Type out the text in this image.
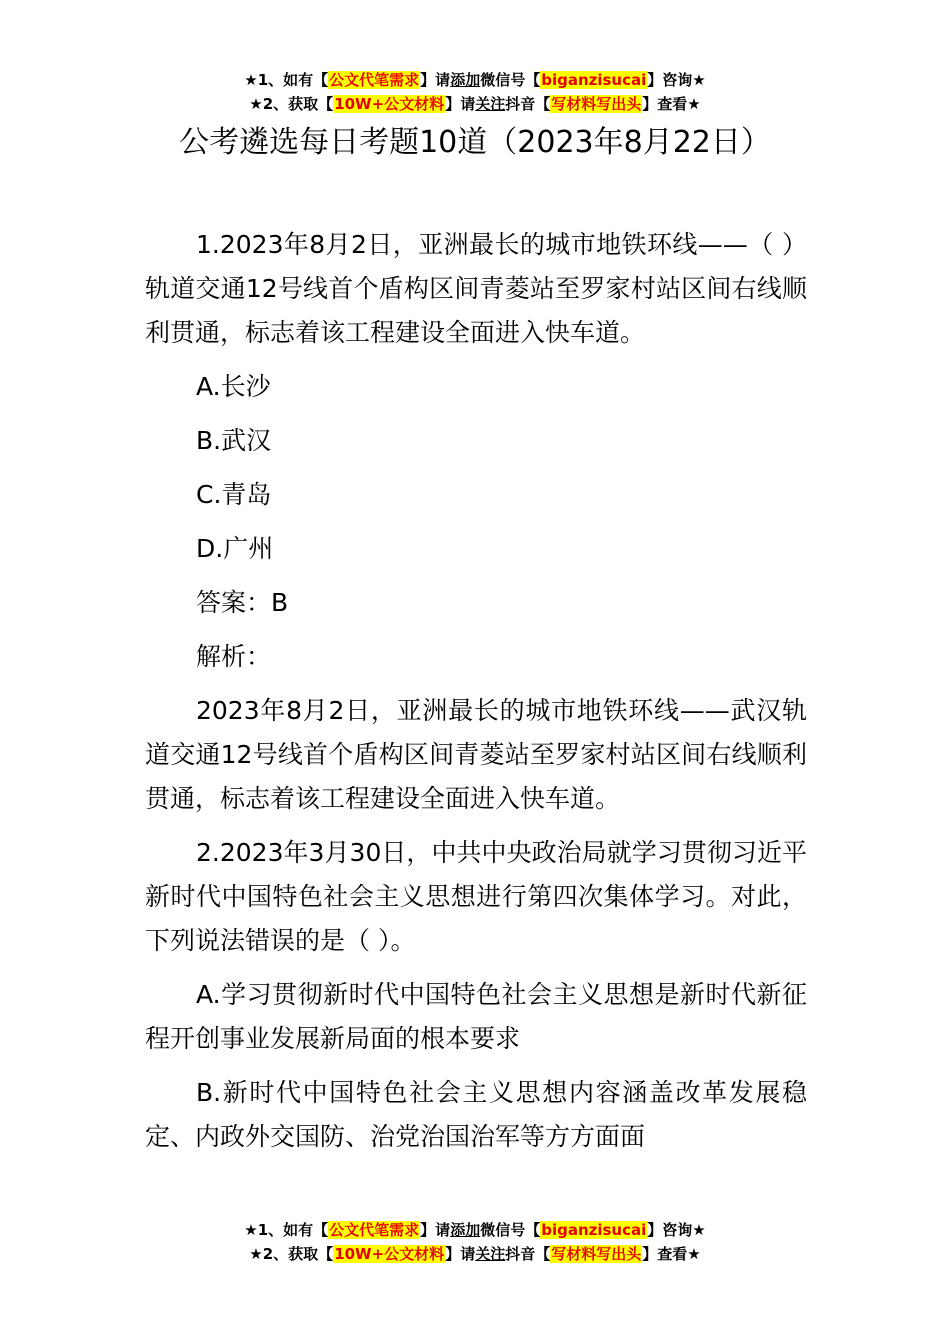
★1、如有【公文代笔需求】请添加微信号【biganzisucai】咨询★
★2、获取【10W+公文材料】请关注抖音【写材料写出头】查看★
公考遴选每日考题10道（2023年8月22日）

1.2023年8月2日，亚洲最长的城市地铁环线——（ ）轨道交通12号线首个盾构区间青菱站至罗家村站区间右线顺利贯通，标志着该工程建设全面进入快车道。

A.长沙

B.武汉

C.青岛

D.广州

答案：B

解析：

2023年8月2日，亚洲最长的城市地铁环线——武汉轨道交通12号线首个盾构区间青菱站至罗家村站区间右线顺利贯通，标志着该工程建设全面进入快车道。

2.2023年3月30日，中共中央政治局就学习贯彻习近平新时代中国特色社会主义思想进行第四次集体学习。对此，下列说法错误的是（ ）。

A.学习贯彻新时代中国特色社会主义思想是新时代新征程开创事业发展新局面的根本要求

B.新时代中国特色社会主义思想内容涵盖改革发展稳定、内政外交国防、治党治国治军等方方面面

★1、如有【公文代笔需求】请添加微信号【biganzisucai】咨询★
★2、获取【10W+公文材料】请关注抖音【写材料写出头】查看★
